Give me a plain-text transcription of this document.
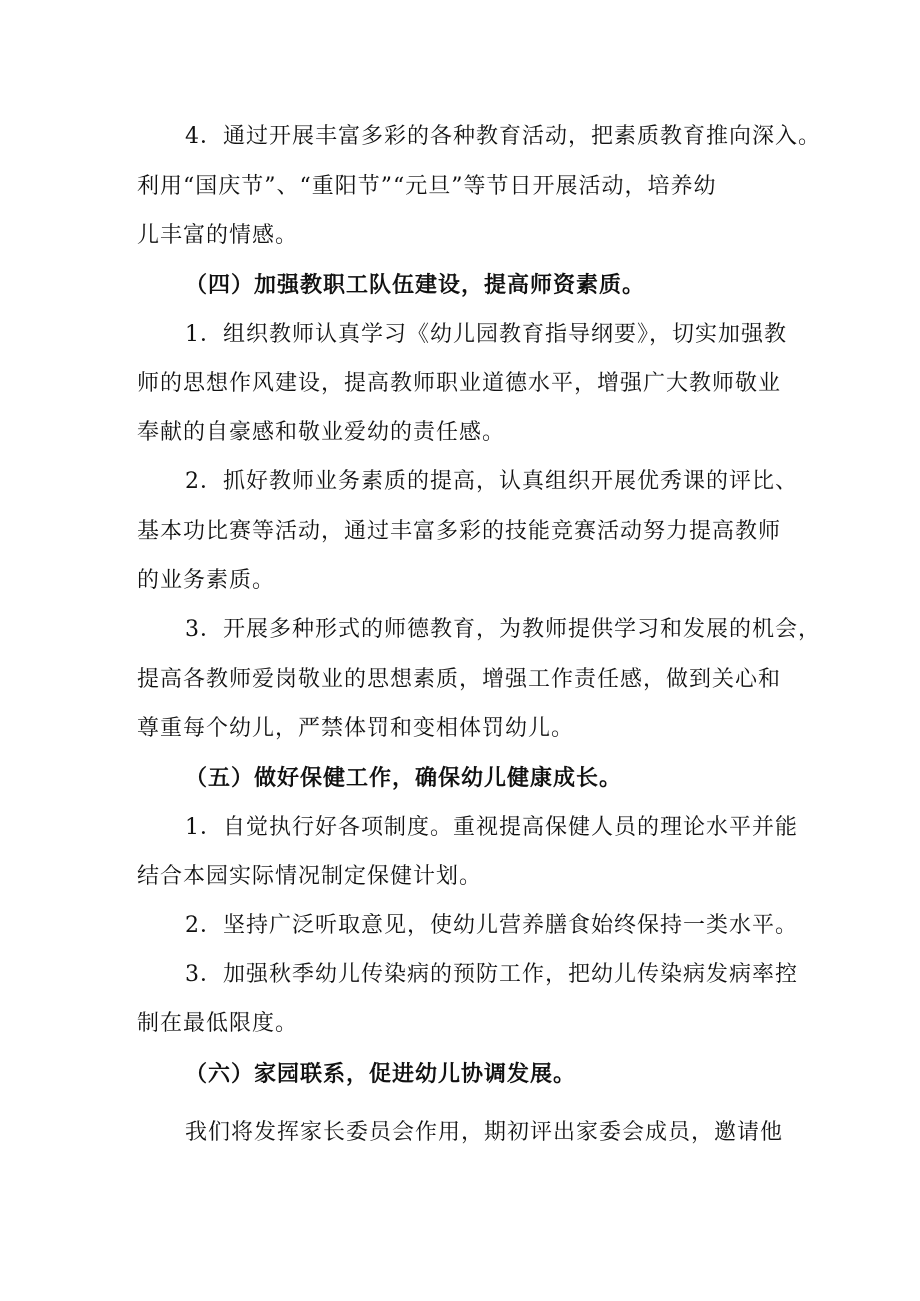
4．通过开展丰富多彩的各种教育活动，把素质教育推向深入。
利用“国庆节”、“重阳节”“元旦”等节日开展活动，培养幼
儿丰富的情感。
（四）加强教职工队伍建设，提高师资素质。
1．组织教师认真学习《幼儿园教育指导纲要》，切实加强教
师的思想作风建设，提高教师职业道德水平，增强广大教师敬业
奉献的自豪感和敬业爱幼的责任感。
2．抓好教师业务素质的提高，认真组织开展优秀课的评比、
基本功比赛等活动，通过丰富多彩的技能竞赛活动努力提高教师
的业务素质。
3．开展多种形式的师德教育，为教师提供学习和发展的机会，
提高各教师爱岗敬业的思想素质，增强工作责任感，做到关心和
尊重每个幼儿，严禁体罚和变相体罚幼儿。
（五）做好保健工作，确保幼儿健康成长。
1．自觉执行好各项制度。重视提高保健人员的理论水平并能
结合本园实际情况制定保健计划。
2．坚持广泛听取意见，使幼儿营养膳食始终保持一类水平。
3．加强秋季幼儿传染病的预防工作，把幼儿传染病发病率控
制在最低限度。
（六）家园联系，促进幼儿协调发展。
我们将发挥家长委员会作用，期初评出家委会成员，邀请他
